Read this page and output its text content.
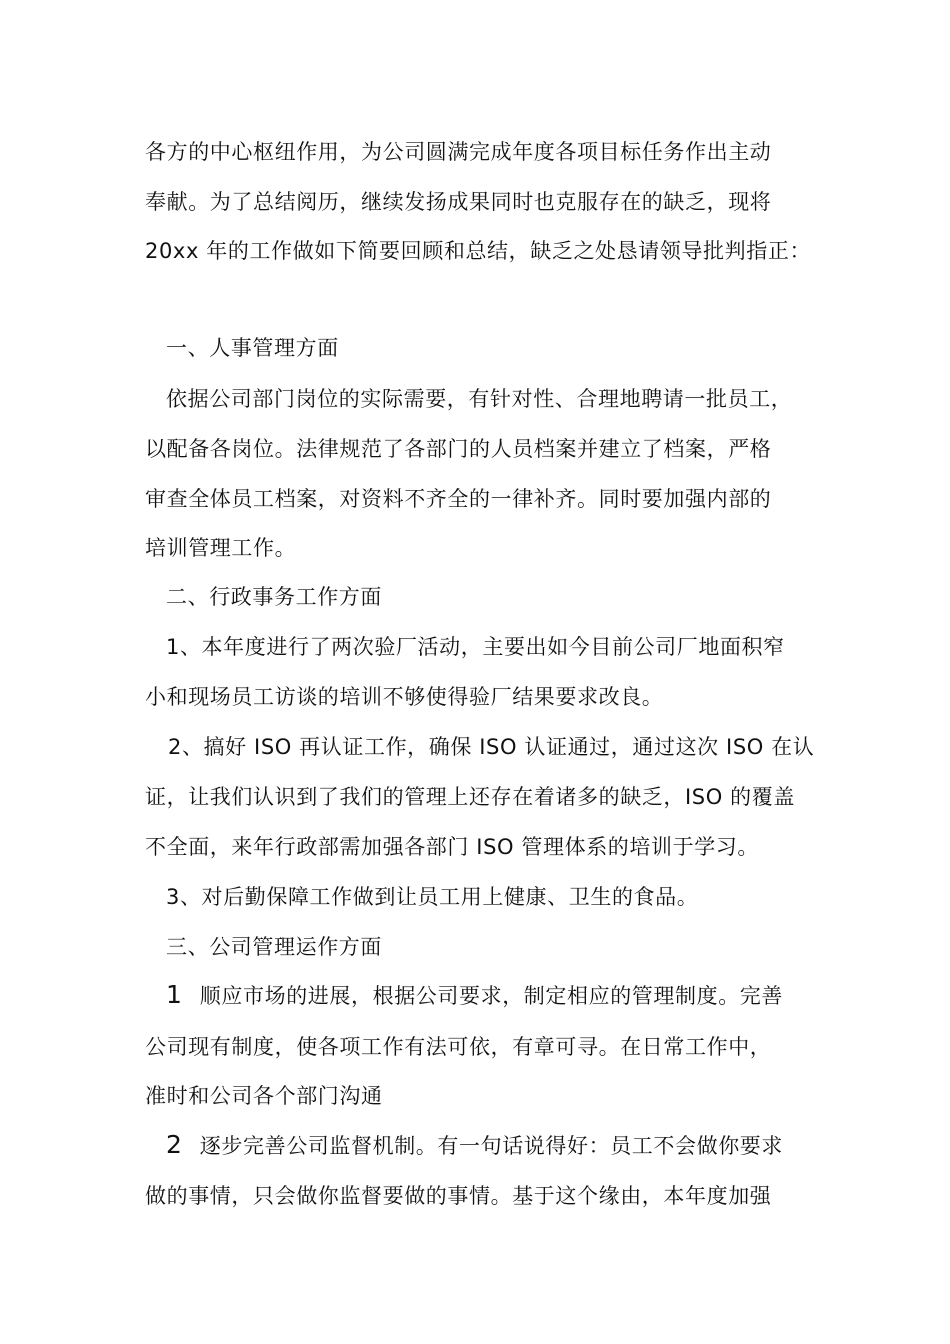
各方的中心枢纽作用，为公司圆满完成年度各项目标任务作出主动
奉献。为了总结阅历，继续发扬成果同时也克服存在的缺乏，现将
20xx 年的工作做如下简要回顾和总结，缺乏之处恳请领导批判指正：
一、人事管理方面
依据公司部门岗位的实际需要，有针对性、合理地聘请一批员工，
以配备各岗位。法律规范了各部门的人员档案并建立了档案，严格
审查全体员工档案，对资料不齐全的一律补齐。同时要加强内部的
培训管理工作。
二、行政事务工作方面
1、本年度进行了两次验厂活动，主要出如今目前公司厂地面积窄
小和现场员工访谈的培训不够使得验厂结果要求改良。
2、搞好 ISO 再认证工作，确保 ISO 认证通过，通过这次 ISO 在认
证，让我们认识到了我们的管理上还存在着诸多的缺乏，ISO 的覆盖
不全面，来年行政部需加强各部门 ISO 管理体系的培训于学习。
3、对后勤保障工作做到让员工用上健康、卫生的食品。
三、公司管理运作方面
1 顺应市场的进展，根据公司要求，制定相应的管理制度。完善
公司现有制度，使各项工作有法可依，有章可寻。在日常工作中，
准时和公司各个部门沟通
2 逐步完善公司监督机制。有一句话说得好：员工不会做你要求
做的事情，只会做你监督要做的事情。基于这个缘由，本年度加强
